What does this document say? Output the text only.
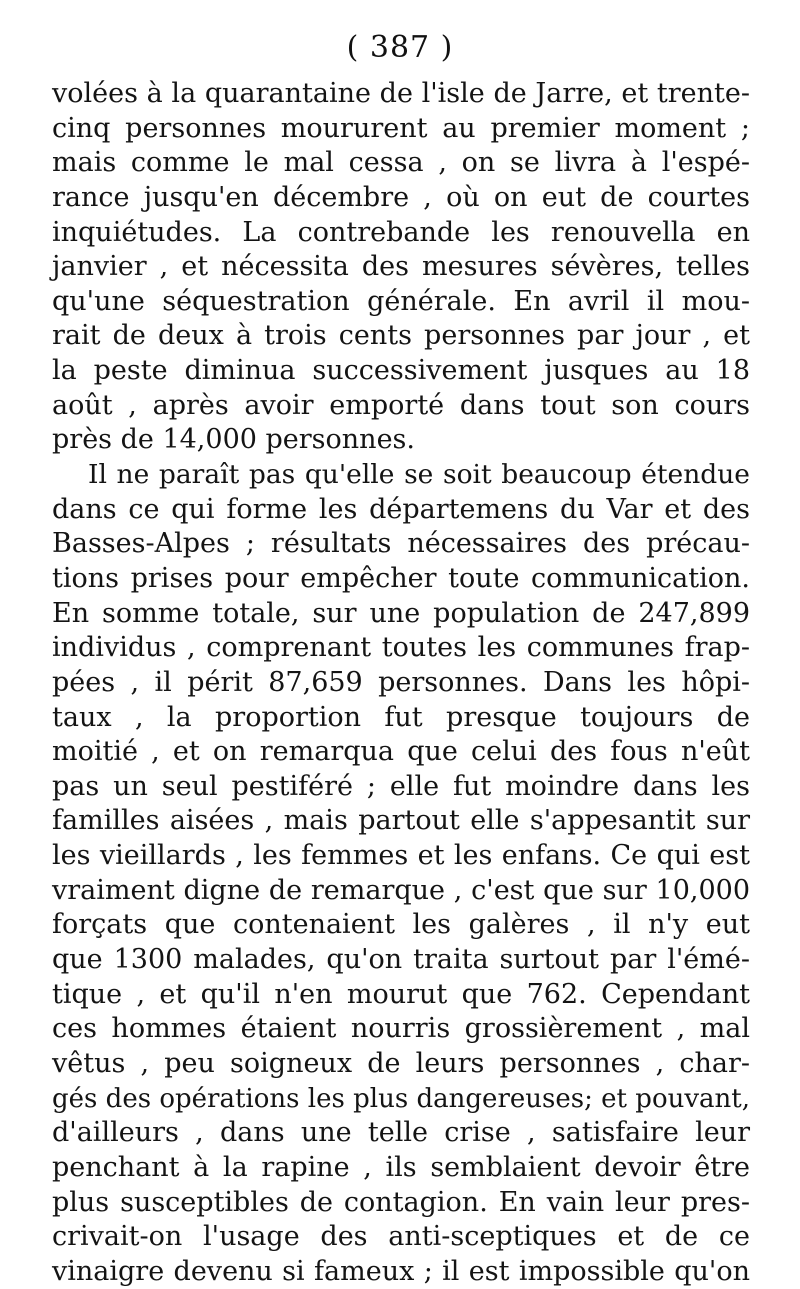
( 387 )
volées à la quarantaine de l'isle de Jarre, et trente-
cinq personnes moururent au premier moment ;
mais comme le mal cessa , on se livra à l'espé-
rance jusqu'en décembre , où on eut de courtes
inquiétudes. La contrebande les renouvella en
janvier , et nécessita des mesures sévères, telles
qu'une séquestration générale. En avril il mou-
rait de deux à trois cents personnes par jour , et
la peste diminua successivement jusques au 18
août , après avoir emporté dans tout son cours
près de 14,000 personnes.
Il ne paraît pas qu'elle se soit beaucoup étendue
dans ce qui forme les départemens du Var et des
Basses-Alpes ; résultats nécessaires des précau-
tions prises pour empêcher toute communication.
En somme totale, sur une population de 247,899
individus , comprenant toutes les communes frap-
pées , il périt 87,659 personnes. Dans les hôpi-
taux , la proportion fut presque toujours de
moitié , et on remarqua que celui des fous n'eût
pas un seul pestiféré ; elle fut moindre dans les
familles aisées , mais partout elle s'appesantit sur
les vieillards , les femmes et les enfans. Ce qui est
vraiment digne de remarque , c'est que sur 10,000
forçats que contenaient les galères , il n'y eut
que 1300 malades, qu'on traita surtout par l'émé-
tique , et qu'il n'en mourut que 762. Cependant
ces hommes étaient nourris grossièrement , mal
vêtus , peu soigneux de leurs personnes , char-
gés des opérations les plus dangereuses; et pouvant,
d'ailleurs , dans une telle crise , satisfaire leur
penchant à la rapine , ils semblaient devoir être
plus susceptibles de contagion. En vain leur pres-
crivait-on l'usage des anti-sceptiques et de ce
vinaigre devenu si fameux ; il est impossible qu'on
